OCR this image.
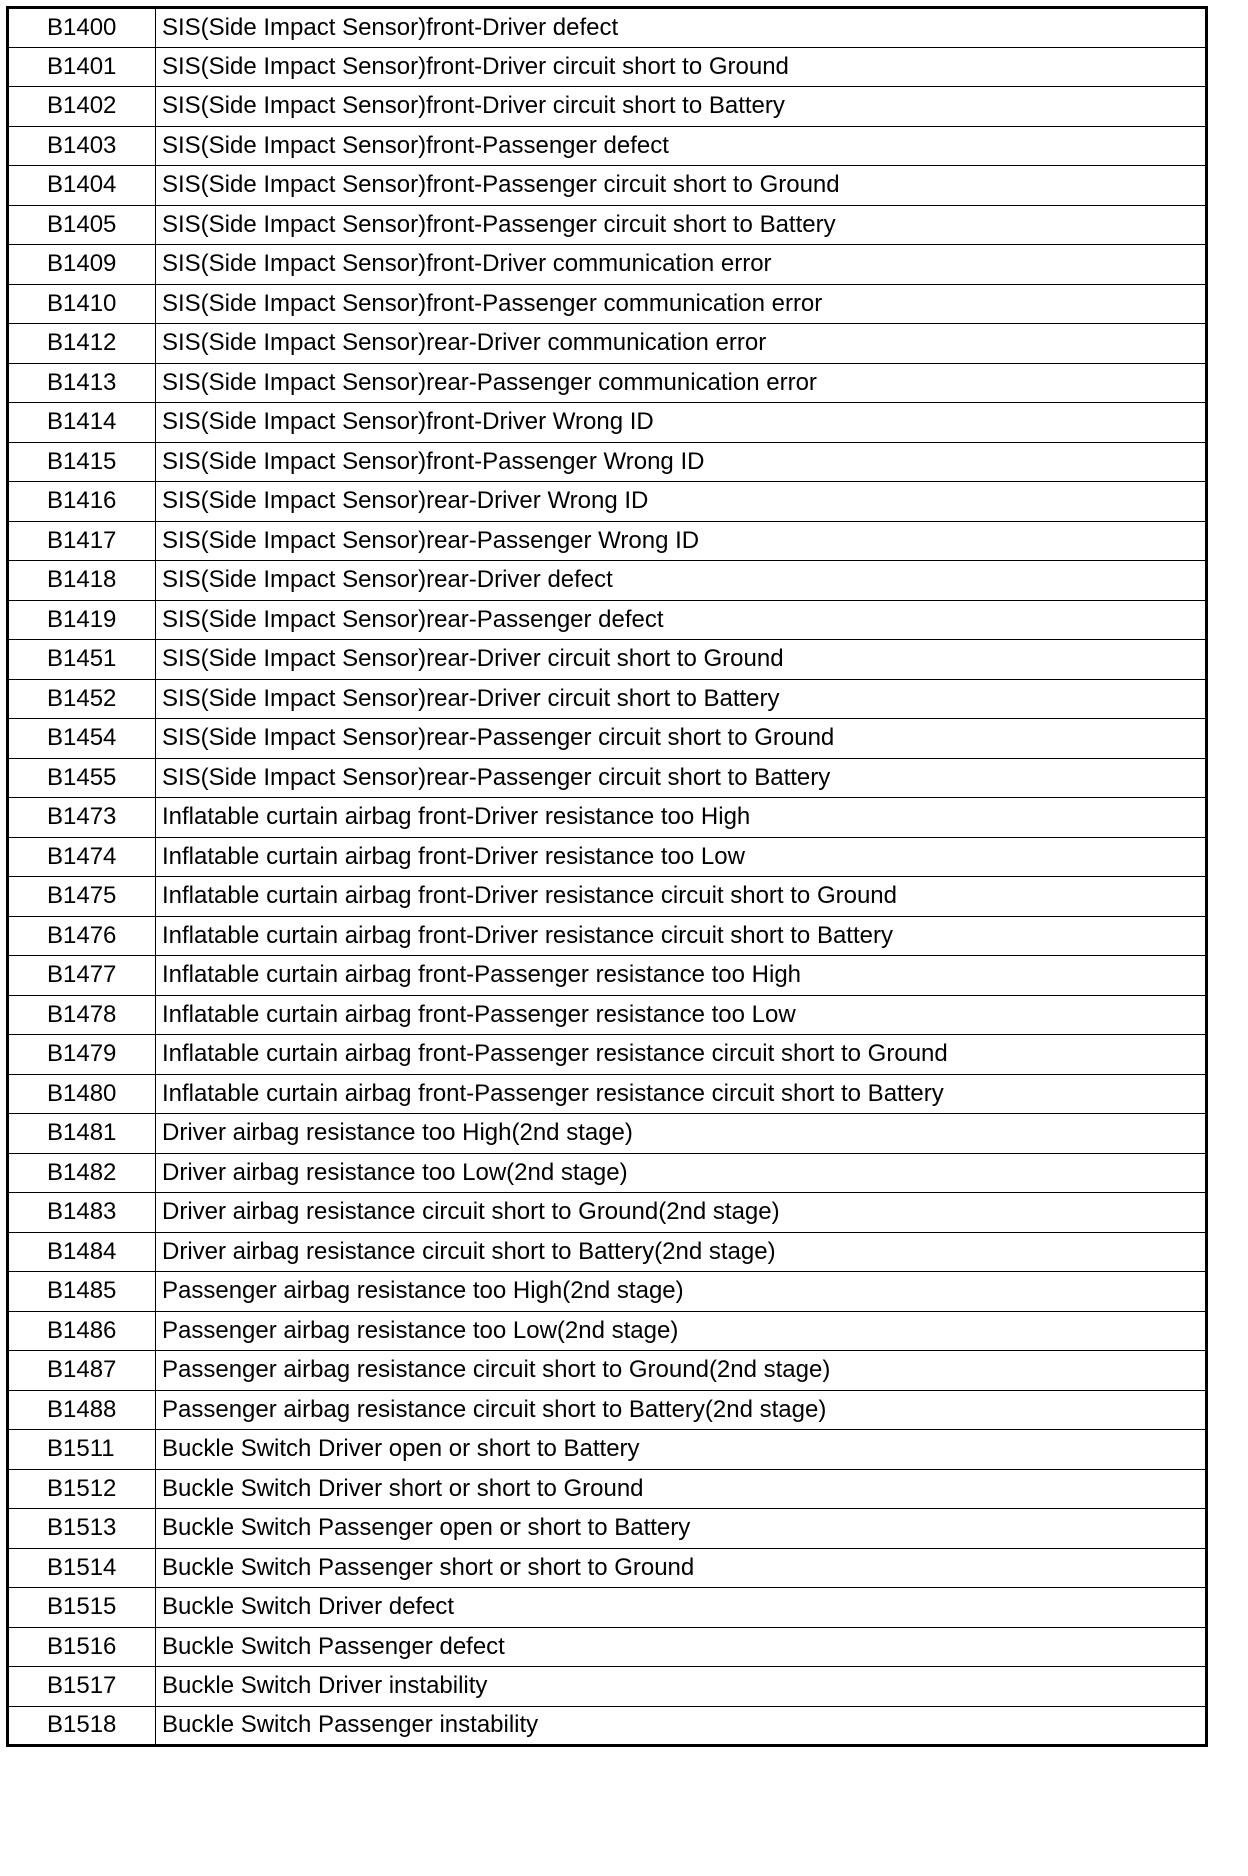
B1400	SIS(Side Impact Sensor)front-Driver defect
B1401	SIS(Side Impact Sensor)front-Driver circuit short to Ground
B1402	SIS(Side Impact Sensor)front-Driver circuit short to Battery
B1403	SIS(Side Impact Sensor)front-Passenger defect
B1404	SIS(Side Impact Sensor)front-Passenger circuit short to Ground
B1405	SIS(Side Impact Sensor)front-Passenger circuit short to Battery
B1409	SIS(Side Impact Sensor)front-Driver communication error
B1410	SIS(Side Impact Sensor)front-Passenger communication error
B1412	SIS(Side Impact Sensor)rear-Driver communication error
B1413	SIS(Side Impact Sensor)rear-Passenger communication error
B1414	SIS(Side Impact Sensor)front-Driver Wrong ID
B1415	SIS(Side Impact Sensor)front-Passenger Wrong ID
B1416	SIS(Side Impact Sensor)rear-Driver Wrong ID
B1417	SIS(Side Impact Sensor)rear-Passenger Wrong ID
B1418	SIS(Side Impact Sensor)rear-Driver defect
B1419	SIS(Side Impact Sensor)rear-Passenger defect
B1451	SIS(Side Impact Sensor)rear-Driver circuit short to Ground
B1452	SIS(Side Impact Sensor)rear-Driver circuit short to Battery
B1454	SIS(Side Impact Sensor)rear-Passenger circuit short to Ground
B1455	SIS(Side Impact Sensor)rear-Passenger circuit short to Battery
B1473	Inflatable curtain airbag front-Driver resistance too High
B1474	Inflatable curtain airbag front-Driver resistance too Low
B1475	Inflatable curtain airbag front-Driver resistance circuit short to Ground
B1476	Inflatable curtain airbag front-Driver resistance circuit short to Battery
B1477	Inflatable curtain airbag front-Passenger resistance too High
B1478	Inflatable curtain airbag front-Passenger resistance too Low
B1479	Inflatable curtain airbag front-Passenger resistance circuit short to Ground
B1480	Inflatable curtain airbag front-Passenger resistance circuit short to Battery
B1481	Driver airbag resistance too High(2nd stage)
B1482	Driver airbag resistance too Low(2nd stage)
B1483	Driver airbag resistance circuit short to Ground(2nd stage)
B1484	Driver airbag resistance circuit short to Battery(2nd stage)
B1485	Passenger airbag resistance too High(2nd stage)
B1486	Passenger airbag resistance too Low(2nd stage)
B1487	Passenger airbag resistance circuit short to Ground(2nd stage)
B1488	Passenger airbag resistance circuit short to Battery(2nd stage)
B1511	Buckle Switch Driver open or short to Battery
B1512	Buckle Switch Driver short or short to Ground
B1513	Buckle Switch Passenger open or short to Battery
B1514	Buckle Switch Passenger short or short to Ground
B1515	Buckle Switch Driver defect
B1516	Buckle Switch Passenger defect
B1517	Buckle Switch Driver instability
B1518	Buckle Switch Passenger instability
